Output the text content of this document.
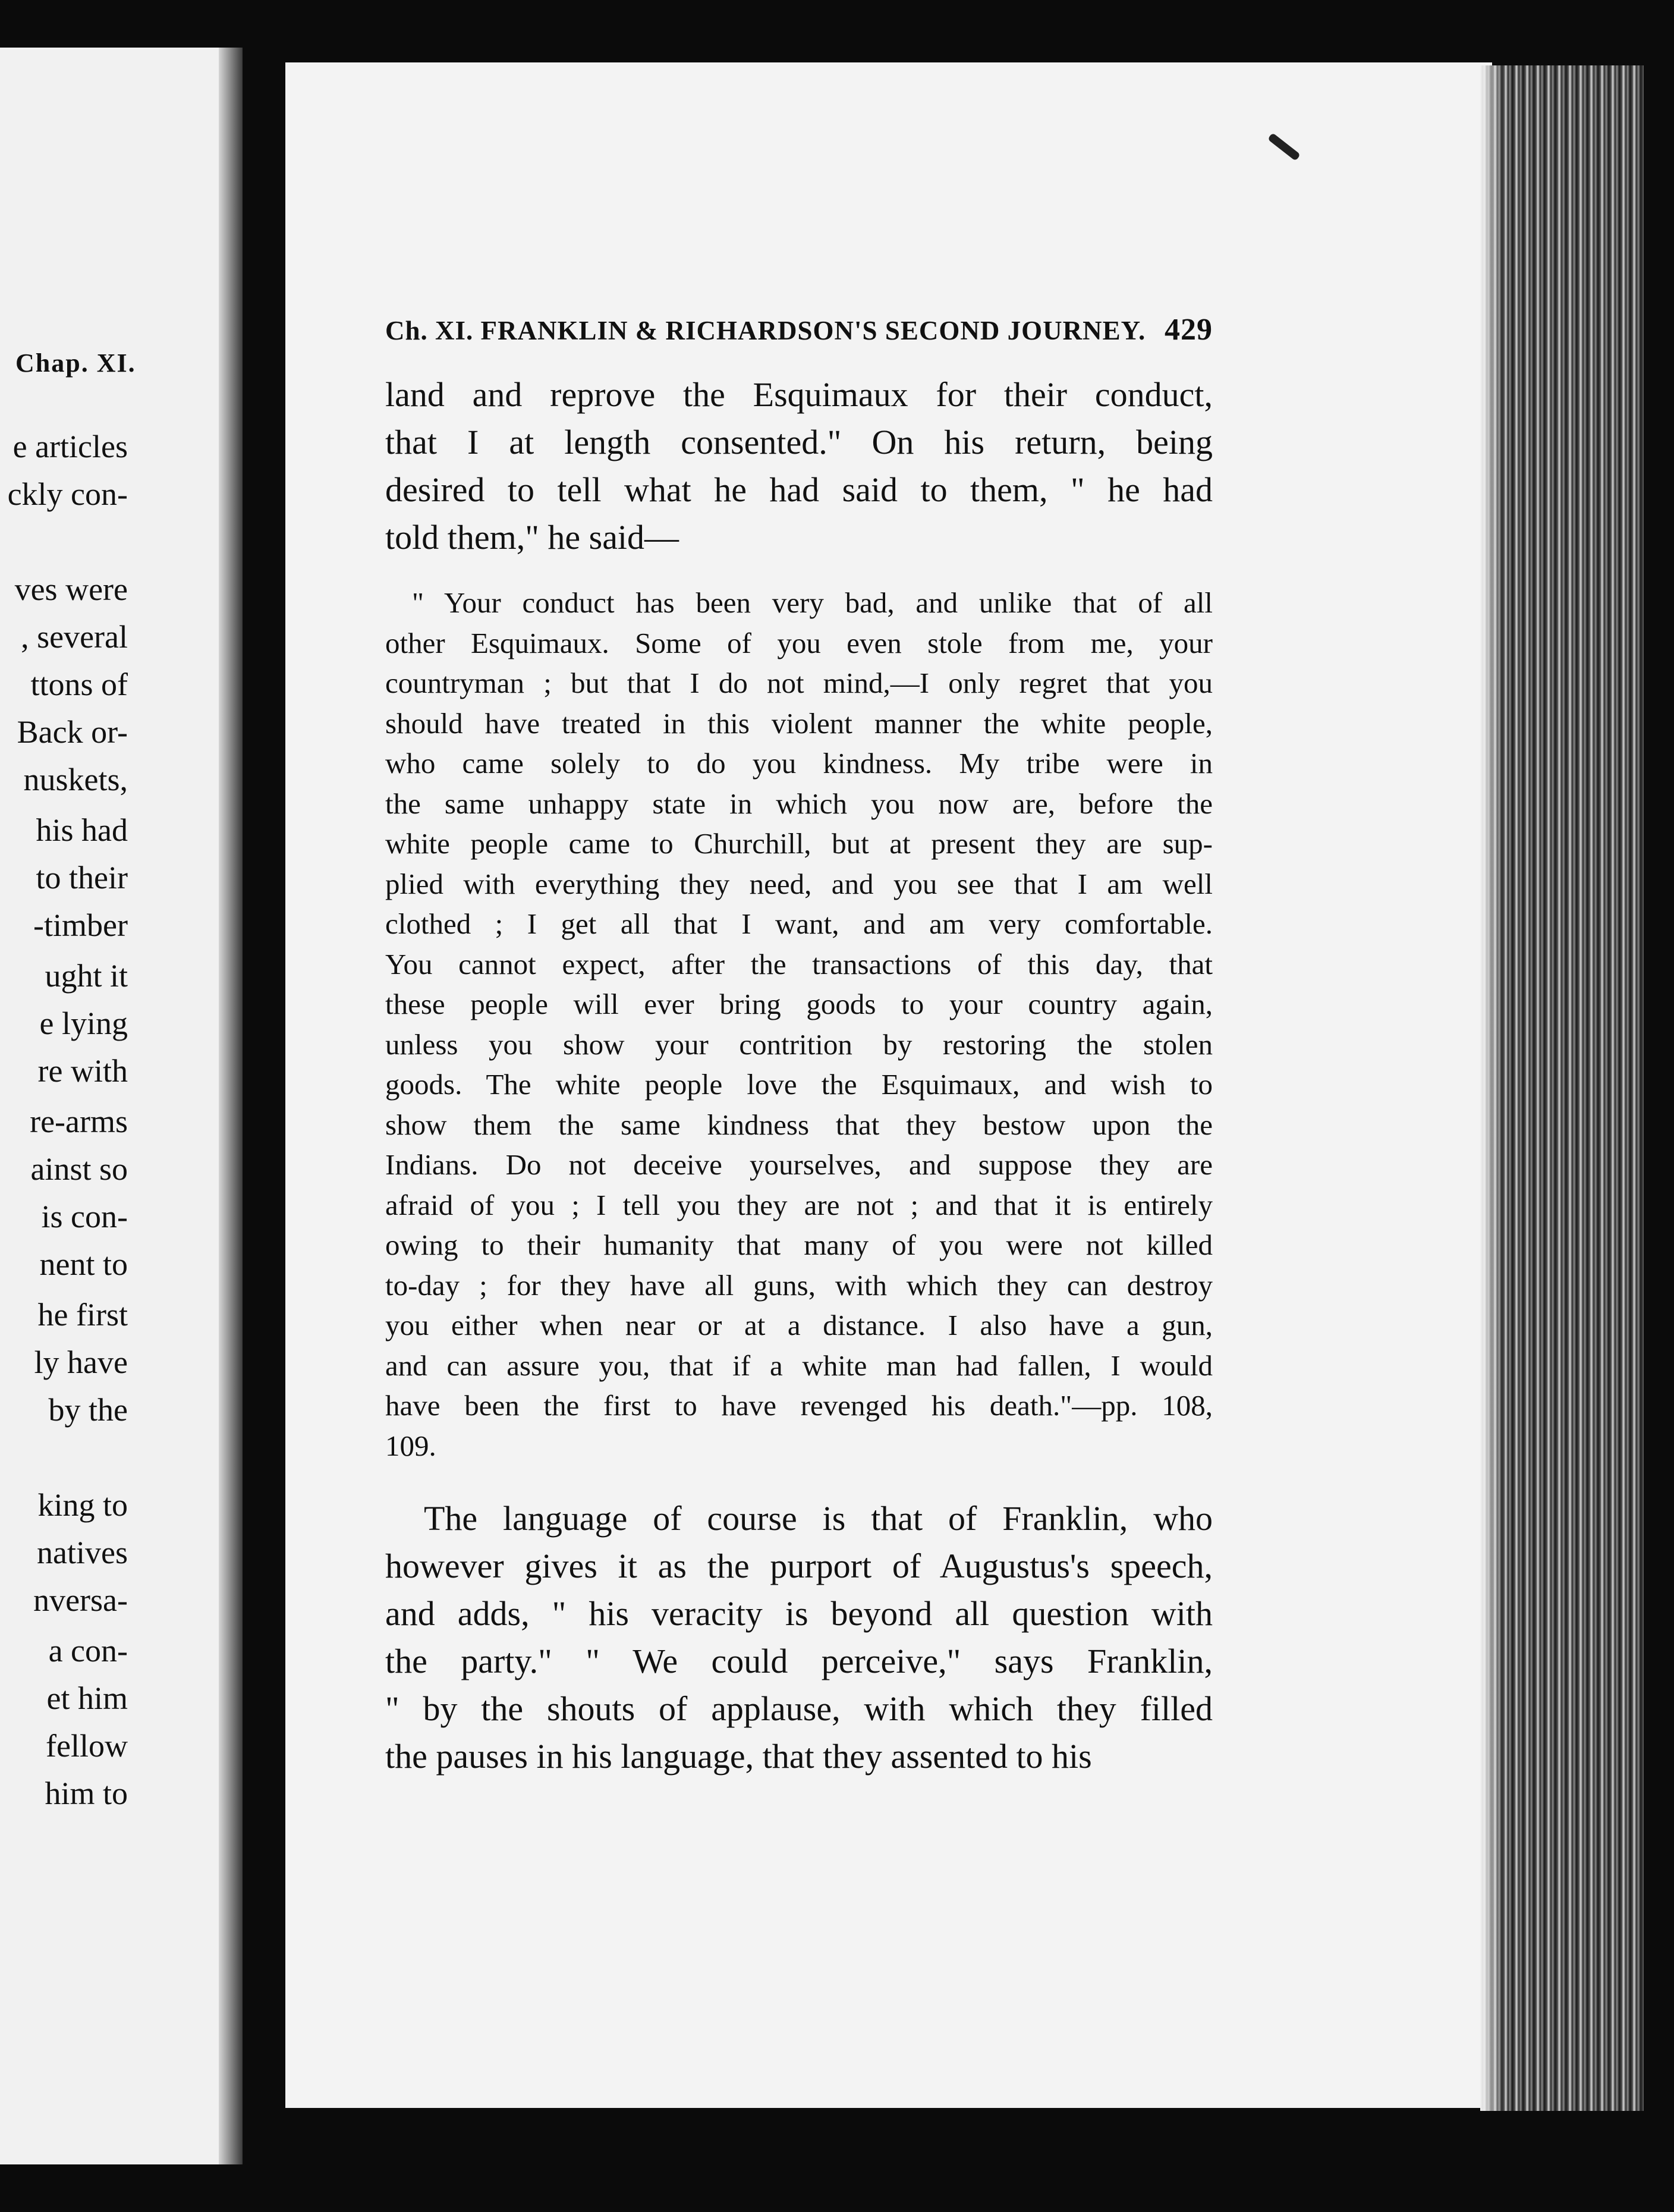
Chap. XI.
e articles
ckly con-
ves were
, several
ttons of
Back or-
nuskets,
his had
to their
-timber
ught it
e lying
re with
re-arms
ainst so
is con-
nent to
he first
ly have
by the
king to
natives
nversa-
a con-
et him
fellow
him to
Ch. XI. FRANKLIN & RICHARDSON'S SECOND JOURNEY. 429
land and reprove the Esquimaux for their conduct,
that I at length consented." On his return, being
desired to tell what he had said to them, " he had
told them," he said—
" Your conduct has been very bad, and unlike that of all
other Esquimaux. Some of you even stole from me, your
countryman ; but that I do not mind,—I only regret that you
should have treated in this violent manner the white people,
who came solely to do you kindness. My tribe were in
the same unhappy state in which you now are, before the
white people came to Churchill, but at present they are sup-
plied with everything they need, and you see that I am well
clothed ; I get all that I want, and am very comfortable.
You cannot expect, after the transactions of this day, that
these people will ever bring goods to your country again,
unless you show your contrition by restoring the stolen
goods. The white people love the Esquimaux, and wish to
show them the same kindness that they bestow upon the
Indians. Do not deceive yourselves, and suppose they are
afraid of you ; I tell you they are not ; and that it is entirely
owing to their humanity that many of you were not killed
to-day ; for they have all guns, with which they can destroy
you either when near or at a distance. I also have a gun,
and can assure you, that if a white man had fallen, I would
have been the first to have revenged his death."—pp. 108,
109.
The language of course is that of Franklin, who
however gives it as the purport of Augustus's speech,
and adds, " his veracity is beyond all question with
the party." " We could perceive," says Franklin,
" by the shouts of applause, with which they filled
the pauses in his language, that they assented to his
